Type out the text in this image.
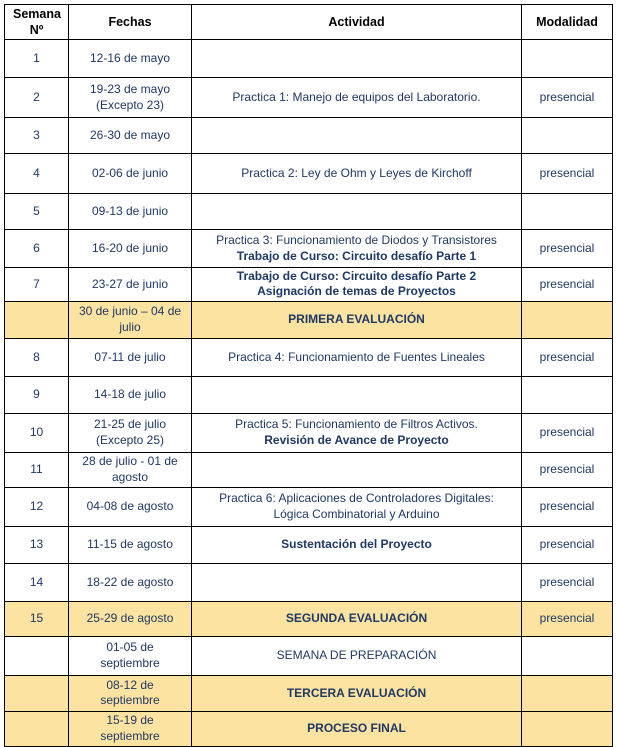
Semana Nº	Fechas	Actividad	Modalidad
1	12-16 de mayo	

2	19-23 de mayo (Excepto 23)	Practica 1: Manejo de equipos del Laboratorio.	presencial
3	26-30 de mayo	

4	02-06 de junio	Practica 2: Ley de Ohm y Leyes de Kirchoff	presencial
5	09-13 de junio	

6	16-20 de junio	Practica 3: Funcionamiento de Diodos y Transistores
Trabajo de Curso: Circuito desafío Parte 1	presencial
7	23-27 de junio	Trabajo de Curso: Circuito desafío Parte 2
Asignación de temas de Proyectos	presencial
	30 de junio – 04 de julio	PRIMERA EVALUACIÓN	

8	07-11 de julio	Practica 4: Funcionamiento de Fuentes Lineales	presencial
9	14-18 de julio	

10	21-25 de julio (Excepto 25)	Practica 5: Funcionamiento de Filtros Activos.
Revisión de Avance de Proyecto	presencial
11	28 de julio - 01 de agosto		presencial
12	04-08 de agosto	Practica 6: Aplicaciones de Controladores Digitales: Lógica Combinatorial y Arduino	presencial
13	11-15 de agosto	Sustentación del Proyecto	presencial
14	18-22 de agosto		presencial
15	25-29 de agosto	SEGUNDA EVALUACIÓN	presencial
	01-05 de septiembre	SEMANA DE PREPARACIÓN	

	08-12 de septiembre	TERCERA EVALUACIÓN	

	15-19 de septiembre	PROCESO FINAL	
